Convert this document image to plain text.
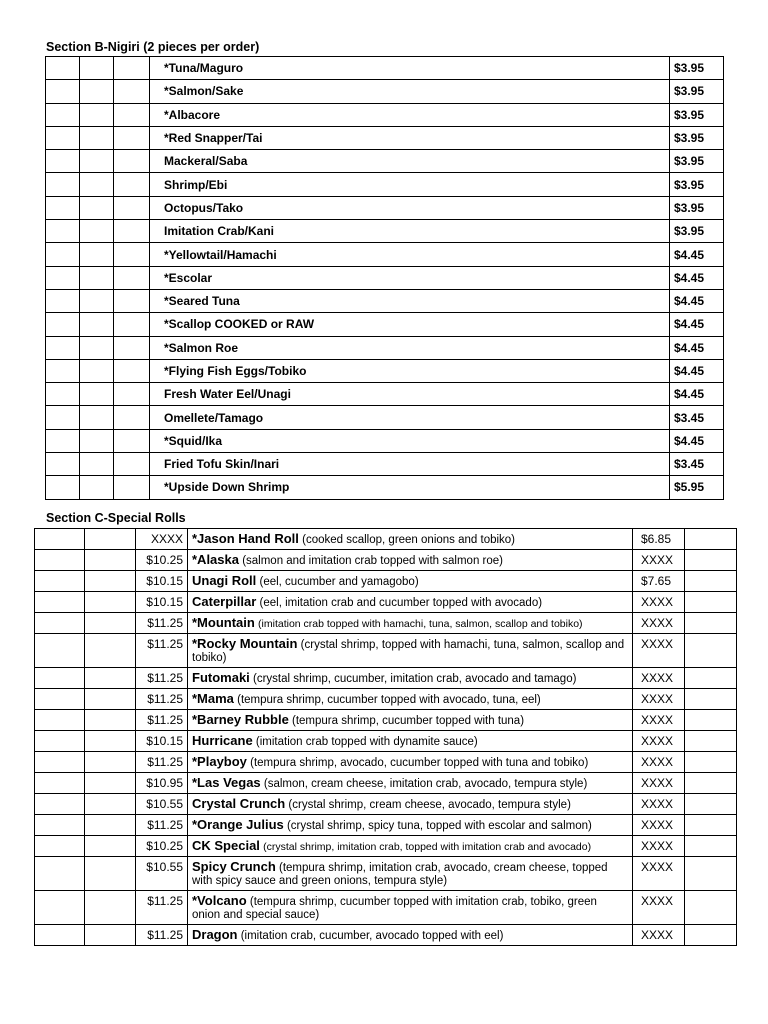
Section B-Nigiri (2 pieces per order)
			*Tuna/Maguro	$3.95
			*Salmon/Sake	$3.95
			*Albacore	$3.95
			*Red Snapper/Tai	$3.95
			Mackeral/Saba	$3.95
			Shrimp/Ebi	$3.95
			Octopus/Tako	$3.95
			Imitation Crab/Kani	$3.95
			*Yellowtail/Hamachi	$4.45
			*Escolar	$4.45
			*Seared Tuna	$4.45
			*Scallop COOKED or RAW	$4.45
			*Salmon Roe	$4.45
			*Flying Fish Eggs/Tobiko	$4.45
			Fresh Water Eel/Unagi	$4.45
			Omellete/Tamago	$3.45
			*Squid/Ika	$4.45
			Fried Tofu Skin/Inari	$3.45
			*Upside Down Shrimp	$5.95
Section C-Special Rolls
		XXXX	*Jason Hand Roll (cooked scallop, green onions and tobiko)	$6.85	
		$10.25	*Alaska (salmon and imitation crab topped with salmon roe)	XXXX	
		$10.15	Unagi Roll (eel, cucumber and yamagobo)	$7.65	
		$10.15	Caterpillar (eel, imitation crab and cucumber topped with avocado)	XXXX	
		$11.25	*Mountain (imitation crab topped with hamachi, tuna, salmon, scallop and tobiko)	XXXX	
		$11.25	*Rocky Mountain (crystal shrimp, topped with hamachi, tuna, salmon, scallop and tobiko)	XXXX	
		$11.25	Futomaki (crystal shrimp, cucumber, imitation crab, avocado and tamago)	XXXX	
		$11.25	*Mama (tempura shrimp, cucumber topped with avocado, tuna, eel)	XXXX	
		$11.25	*Barney Rubble (tempura shrimp, cucumber topped with tuna)	XXXX	
		$10.15	Hurricane (imitation crab topped with dynamite sauce)	XXXX	
		$11.25	*Playboy (tempura shrimp, avocado, cucumber topped with tuna and tobiko)	XXXX	
		$10.95	*Las Vegas (salmon, cream cheese, imitation crab, avocado, tempura style)	XXXX	
		$10.55	Crystal Crunch (crystal shrimp, cream cheese, avocado, tempura style)	XXXX	
		$11.25	*Orange Julius (crystal shrimp, spicy tuna, topped with escolar and salmon)	XXXX	
		$10.25	CK Special (crystal shrimp, imitation crab, topped with imitation crab and avocado)	XXXX	
		$10.55	Spicy Crunch (tempura shrimp, imitation crab, avocado, cream cheese, topped with spicy sauce and green onions, tempura style)	XXXX	
		$11.25	*Volcano (tempura shrimp, cucumber topped with imitation crab, tobiko, green onion and special sauce)	XXXX	
		$11.25	Dragon (imitation crab, cucumber, avocado topped with eel)	XXXX	
